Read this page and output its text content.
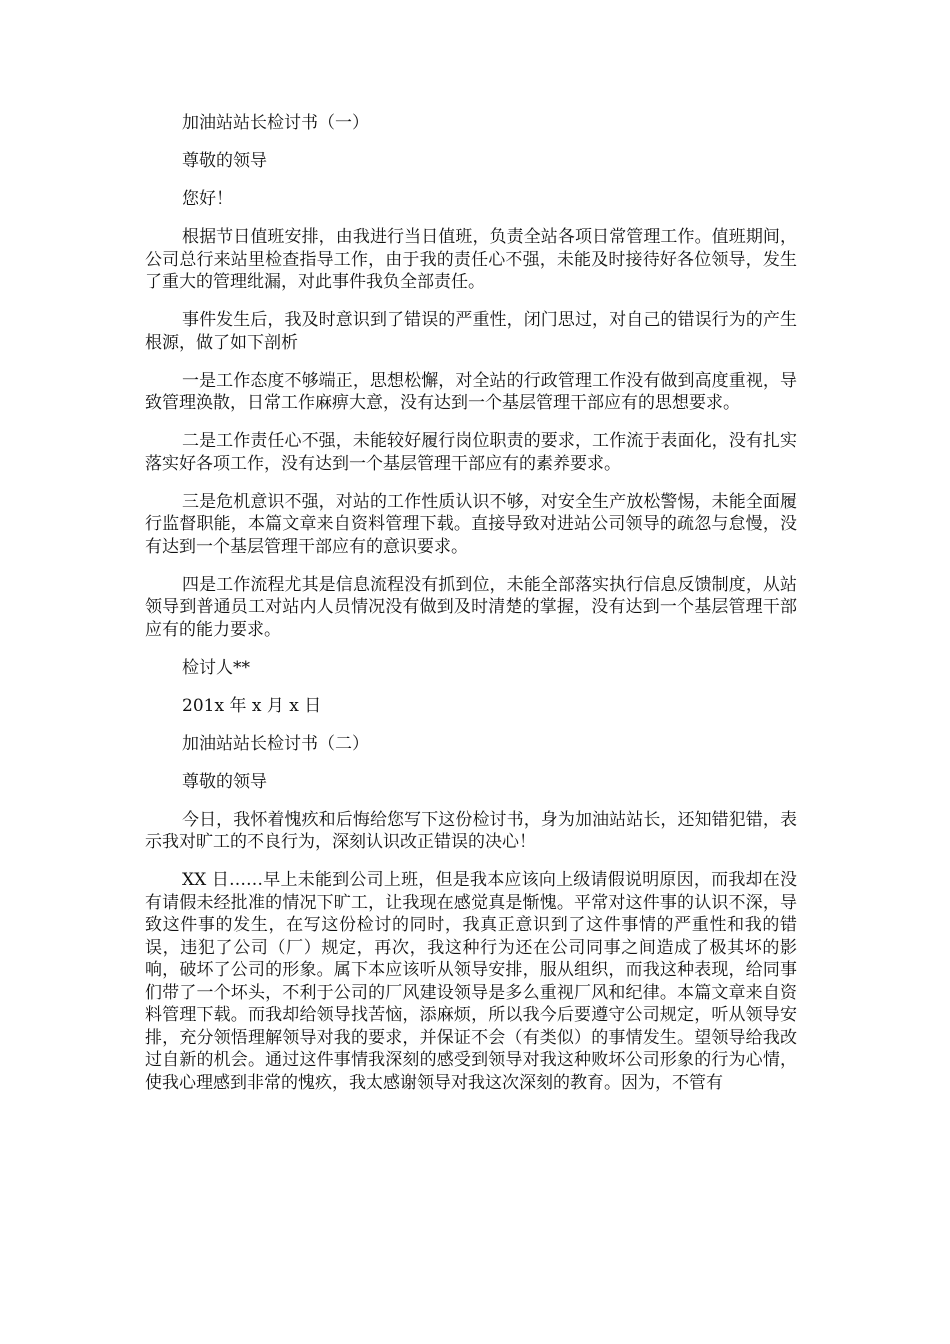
加油站站长检讨书（一）

尊敬的领导

您好！

根据节日值班安排，由我进行当日值班，负责全站各项日常管理工作。值班期间，公司总行来站里检查指导工作，由于我的责任心不强，未能及时接待好各位领导，发生了重大的管理纰漏，对此事件我负全部责任。

事件发生后，我及时意识到了错误的严重性，闭门思过，对自己的错误行为的产生根源，做了如下剖析

一是工作态度不够端正，思想松懈，对全站的行政管理工作没有做到高度重视，导致管理涣散，日常工作麻痹大意，没有达到一个基层管理干部应有的思想要求。

二是工作责任心不强，未能较好履行岗位职责的要求，工作流于表面化，没有扎实落实好各项工作，没有达到一个基层管理干部应有的素养要求。

三是危机意识不强，对站的工作性质认识不够，对安全生产放松警惕，未能全面履行监督职能，本篇文章来自资料管理下载。直接导致对进站公司领导的疏忽与怠慢，没有达到一个基层管理干部应有的意识要求。

四是工作流程尤其是信息流程没有抓到位，未能全部落实执行信息反馈制度，从站领导到普通员工对站内人员情况没有做到及时清楚的掌握，没有达到一个基层管理干部应有的能力要求。

检讨人**

201x 年 x 月 x 日

加油站站长检讨书（二）

尊敬的领导

今日，我怀着愧疚和后悔给您写下这份检讨书，身为加油站站长，还知错犯错，表示我对旷工的不良行为，深刻认识改正错误的决心！

XX 日……早上未能到公司上班，但是我本应该向上级请假说明原因，而我却在没有请假未经批准的情况下旷工，让我现在感觉真是惭愧。平常对这件事的认识不深，导致这件事的发生，在写这份检讨的同时，我真正意识到了这件事情的严重性和我的错误，违犯了公司（厂）规定，再次，我这种行为还在公司同事之间造成了极其坏的影响，破坏了公司的形象。属下本应该听从领导安排，服从组织，而我这种表现，给同事们带了一个坏头，不利于公司的厂风建设领导是多么重视厂风和纪律。本篇文章来自资料管理下载。而我却给领导找苦恼，添麻烦，所以我今后要遵守公司规定，听从领导安排，充分领悟理解领导对我的要求，并保证不会（有类似）的事情发生。望领导给我改过自新的机会。通过这件事情我深刻的感受到领导对我这种败坏公司形象的行为心情，使我心理感到非常的愧疚，我太感谢领导对我这次深刻的教育。因为，不管有
